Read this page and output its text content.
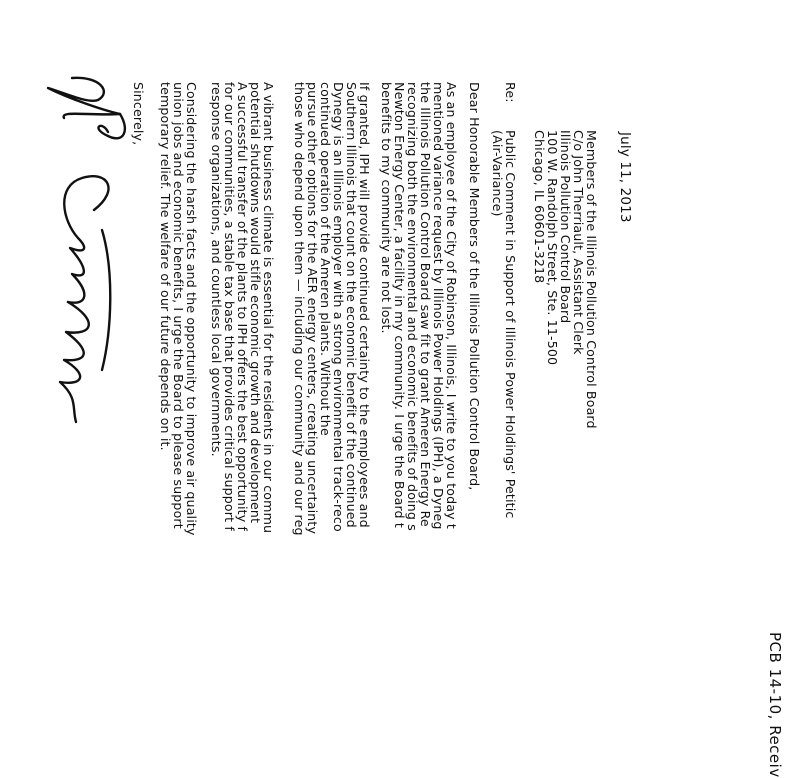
PCB 14-10, Receiv
July 11, 2013
Members of the Illinois Pollution Control Board
C/o John Therriault, Assistant Clerk
Illinois Pollution Control Board
100 W. Randolph Street, Ste. 11-500
Chicago, IL 60601-3218
Re:
Public Comment in Support of Illinois Power Holdings' Petitic
(Air-Variance)
Dear Honorable Members of the Illinois Pollution Control Board,
As an employee of the City of Robinson, Illinois, I write to you today t
mentioned variance request by Illinois Power Holdings (IPH), a Dyneg
the Illinois Pollution Control Board saw fit to grant Ameren Energy Re
recognizing both the environmental and economic benefits of doing s
Newton Energy Center, a facility in my community. I urge the Board t
benefits to my community are not lost.
If granted, IPH will provide continued certainty to the employees and
Southern Illinois that count on the economic benefit of the continued
Dynegy is an Illinois employer with a strong environmental track-reco
continued operation of the Ameren plants. Without the
pursue other options for the AER energy centers, creating uncertainty
those who depend upon them — including our community and our reg
A vibrant business climate is essential for the residents in our commu
potential shutdowns would stifle economic growth and development
A successful transfer of the plants to IPH offers the best opportunity f
for our communities, a stable tax base that provides critical support f
response organizations, and countless local governments.
Considering the harsh facts and the opportunity to improve air quality
union jobs and economic benefits, I urge the Board to please support
temporary relief. The welfare of our future depends on it.
Sincerely,
